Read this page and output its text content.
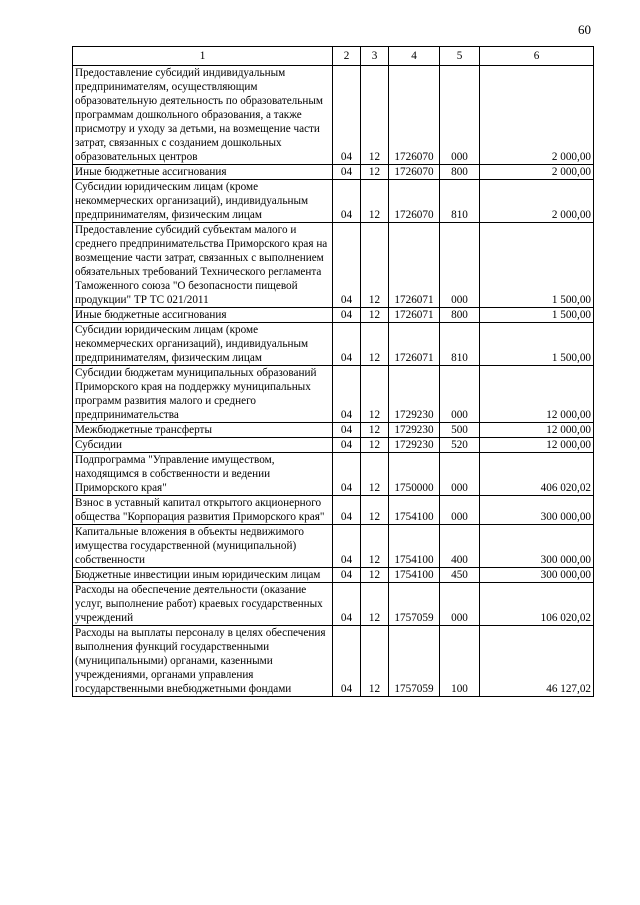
60
1	2	3	4	5	6
Предоставление субсидий индивидуальным предпринимателям, осуществляющим образовательную деятельность по образовательным программам дошкольного образования, а также присмотру и уходу за детьми, на возмещение части затрат, связанных с созданием дошкольных образовательных центров	04	12	1726070	000	2 000,00
Иные бюджетные ассигнования	04	12	1726070	800	2 000,00
Субсидии юридическим лицам (кроме некоммерческих организаций), индивидуальным предпринимателям, физическим лицам	04	12	1726070	810	2 000,00
Предоставление субсидий субъектам малого и среднего предпринимательства Приморского края на возмещение части затрат, связанных с выполнением обязательных требований Технического регламента Таможенного союза "О безопасности пищевой продукции" ТР ТС 021/2011	04	12	1726071	000	1 500,00
Иные бюджетные ассигнования	04	12	1726071	800	1 500,00
Субсидии юридическим лицам (кроме некоммерческих организаций), индивидуальным предпринимателям, физическим лицам	04	12	1726071	810	1 500,00
Субсидии бюджетам муниципальных образований Приморского края на поддержку муниципальных программ развития малого и среднего предпринимательства	04	12	1729230	000	12 000,00
Межбюджетные трансферты	04	12	1729230	500	12 000,00
Субсидии	04	12	1729230	520	12 000,00
Подпрограмма "Управление имуществом, находящимся в собственности и ведении Приморского края"	04	12	1750000	000	406 020,02
Взнос в уставный капитал открытого акционерного общества "Корпорация развития Приморского края"	04	12	1754100	000	300 000,00
Капитальные вложения в объекты недвижимого имущества государственной (муниципальной) собственности	04	12	1754100	400	300 000,00
Бюджетные инвестиции иным юридическим лицам	04	12	1754100	450	300 000,00
Расходы на обеспечение деятельности (оказание услуг, выполнение работ) краевых государственных учреждений	04	12	1757059	000	106 020,02
Расходы на выплаты персоналу в целях обеспечения выполнения функций государственными (муниципальными) органами, казенными учреждениями, органами управления государственными внебюджетными фондами	04	12	1757059	100	46 127,02
